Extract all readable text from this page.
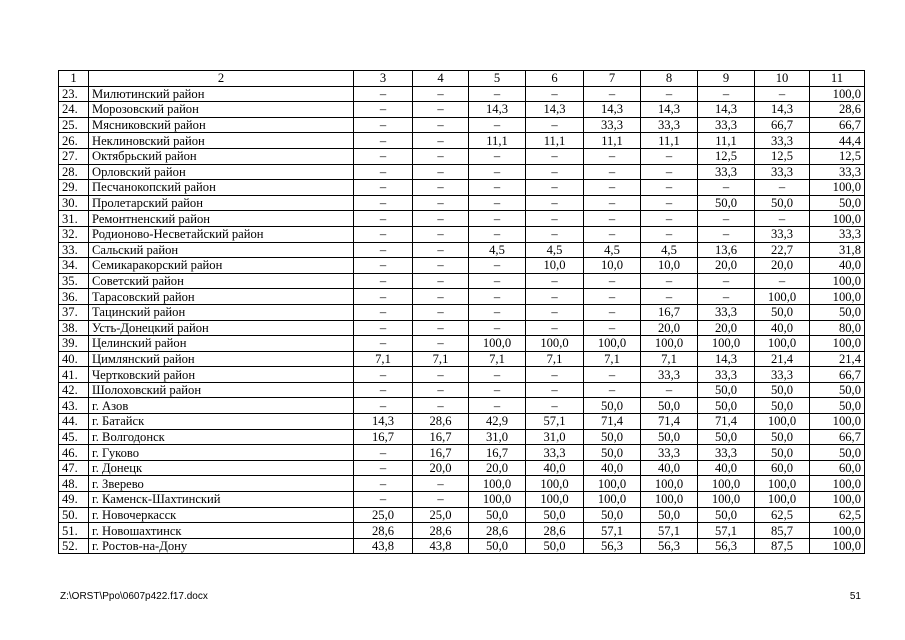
1	2	3	4	5	6	7	8	9	10	11
23.	Милютинский район	–	–	–	–	–	–	–	–	100,0
24.	Морозовский район	–	–	14,3	14,3	14,3	14,3	14,3	14,3	28,6
25.	Мясниковский район	–	–	–	–	33,3	33,3	33,3	66,7	66,7
26.	Неклиновский район	–	–	11,1	11,1	11,1	11,1	11,1	33,3	44,4
27.	Октябрьский район	–	–	–	–	–	–	12,5	12,5	12,5
28.	Орловский район	–	–	–	–	–	–	33,3	33,3	33,3
29.	Песчанокопский район	–	–	–	–	–	–	–	–	100,0
30.	Пролетарский район	–	–	–	–	–	–	50,0	50,0	50,0
31.	Ремонтненский район	–	–	–	–	–	–	–	–	100,0
32.	Родионово-Несветайский район	–	–	–	–	–	–	–	33,3	33,3
33.	Сальский район	–	–	4,5	4,5	4,5	4,5	13,6	22,7	31,8
34.	Семикаракорский район	–	–	–	10,0	10,0	10,0	20,0	20,0	40,0
35.	Советский район	–	–	–	–	–	–	–	–	100,0
36.	Тарасовский район	–	–	–	–	–	–	–	100,0	100,0
37.	Тацинский район	–	–	–	–	–	16,7	33,3	50,0	50,0
38.	Усть-Донецкий район	–	–	–	–	–	20,0	20,0	40,0	80,0
39.	Целинский район	–	–	100,0	100,0	100,0	100,0	100,0	100,0	100,0
40.	Цимлянский район	7,1	7,1	7,1	7,1	7,1	7,1	14,3	21,4	21,4
41.	Чертковский район	–	–	–	–	–	33,3	33,3	33,3	66,7
42.	Шолоховский район	–	–	–	–	–	–	50,0	50,0	50,0
43.	г. Азов	–	–	–	–	50,0	50,0	50,0	50,0	50,0
44.	г. Батайск	14,3	28,6	42,9	57,1	71,4	71,4	71,4	100,0	100,0
45.	г. Волгодонск	16,7	16,7	31,0	31,0	50,0	50,0	50,0	50,0	66,7
46.	г. Гуково	–	16,7	16,7	33,3	50,0	33,3	33,3	50,0	50,0
47.	г. Донецк	–	20,0	20,0	40,0	40,0	40,0	40,0	60,0	60,0
48.	г. Зверево	–	–	100,0	100,0	100,0	100,0	100,0	100,0	100,0
49.	г. Каменск-Шахтинский	–	–	100,0	100,0	100,0	100,0	100,0	100,0	100,0
50.	г. Новочеркасск	25,0	25,0	50,0	50,0	50,0	50,0	50,0	62,5	62,5
51.	г. Новошахтинск	28,6	28,6	28,6	28,6	57,1	57,1	57,1	85,7	100,0
52.	г. Ростов-на-Дону	43,8	43,8	50,0	50,0	56,3	56,3	56,3	87,5	100,0
Z:\ORST\Ppo\0607p422.f17.docx	51
